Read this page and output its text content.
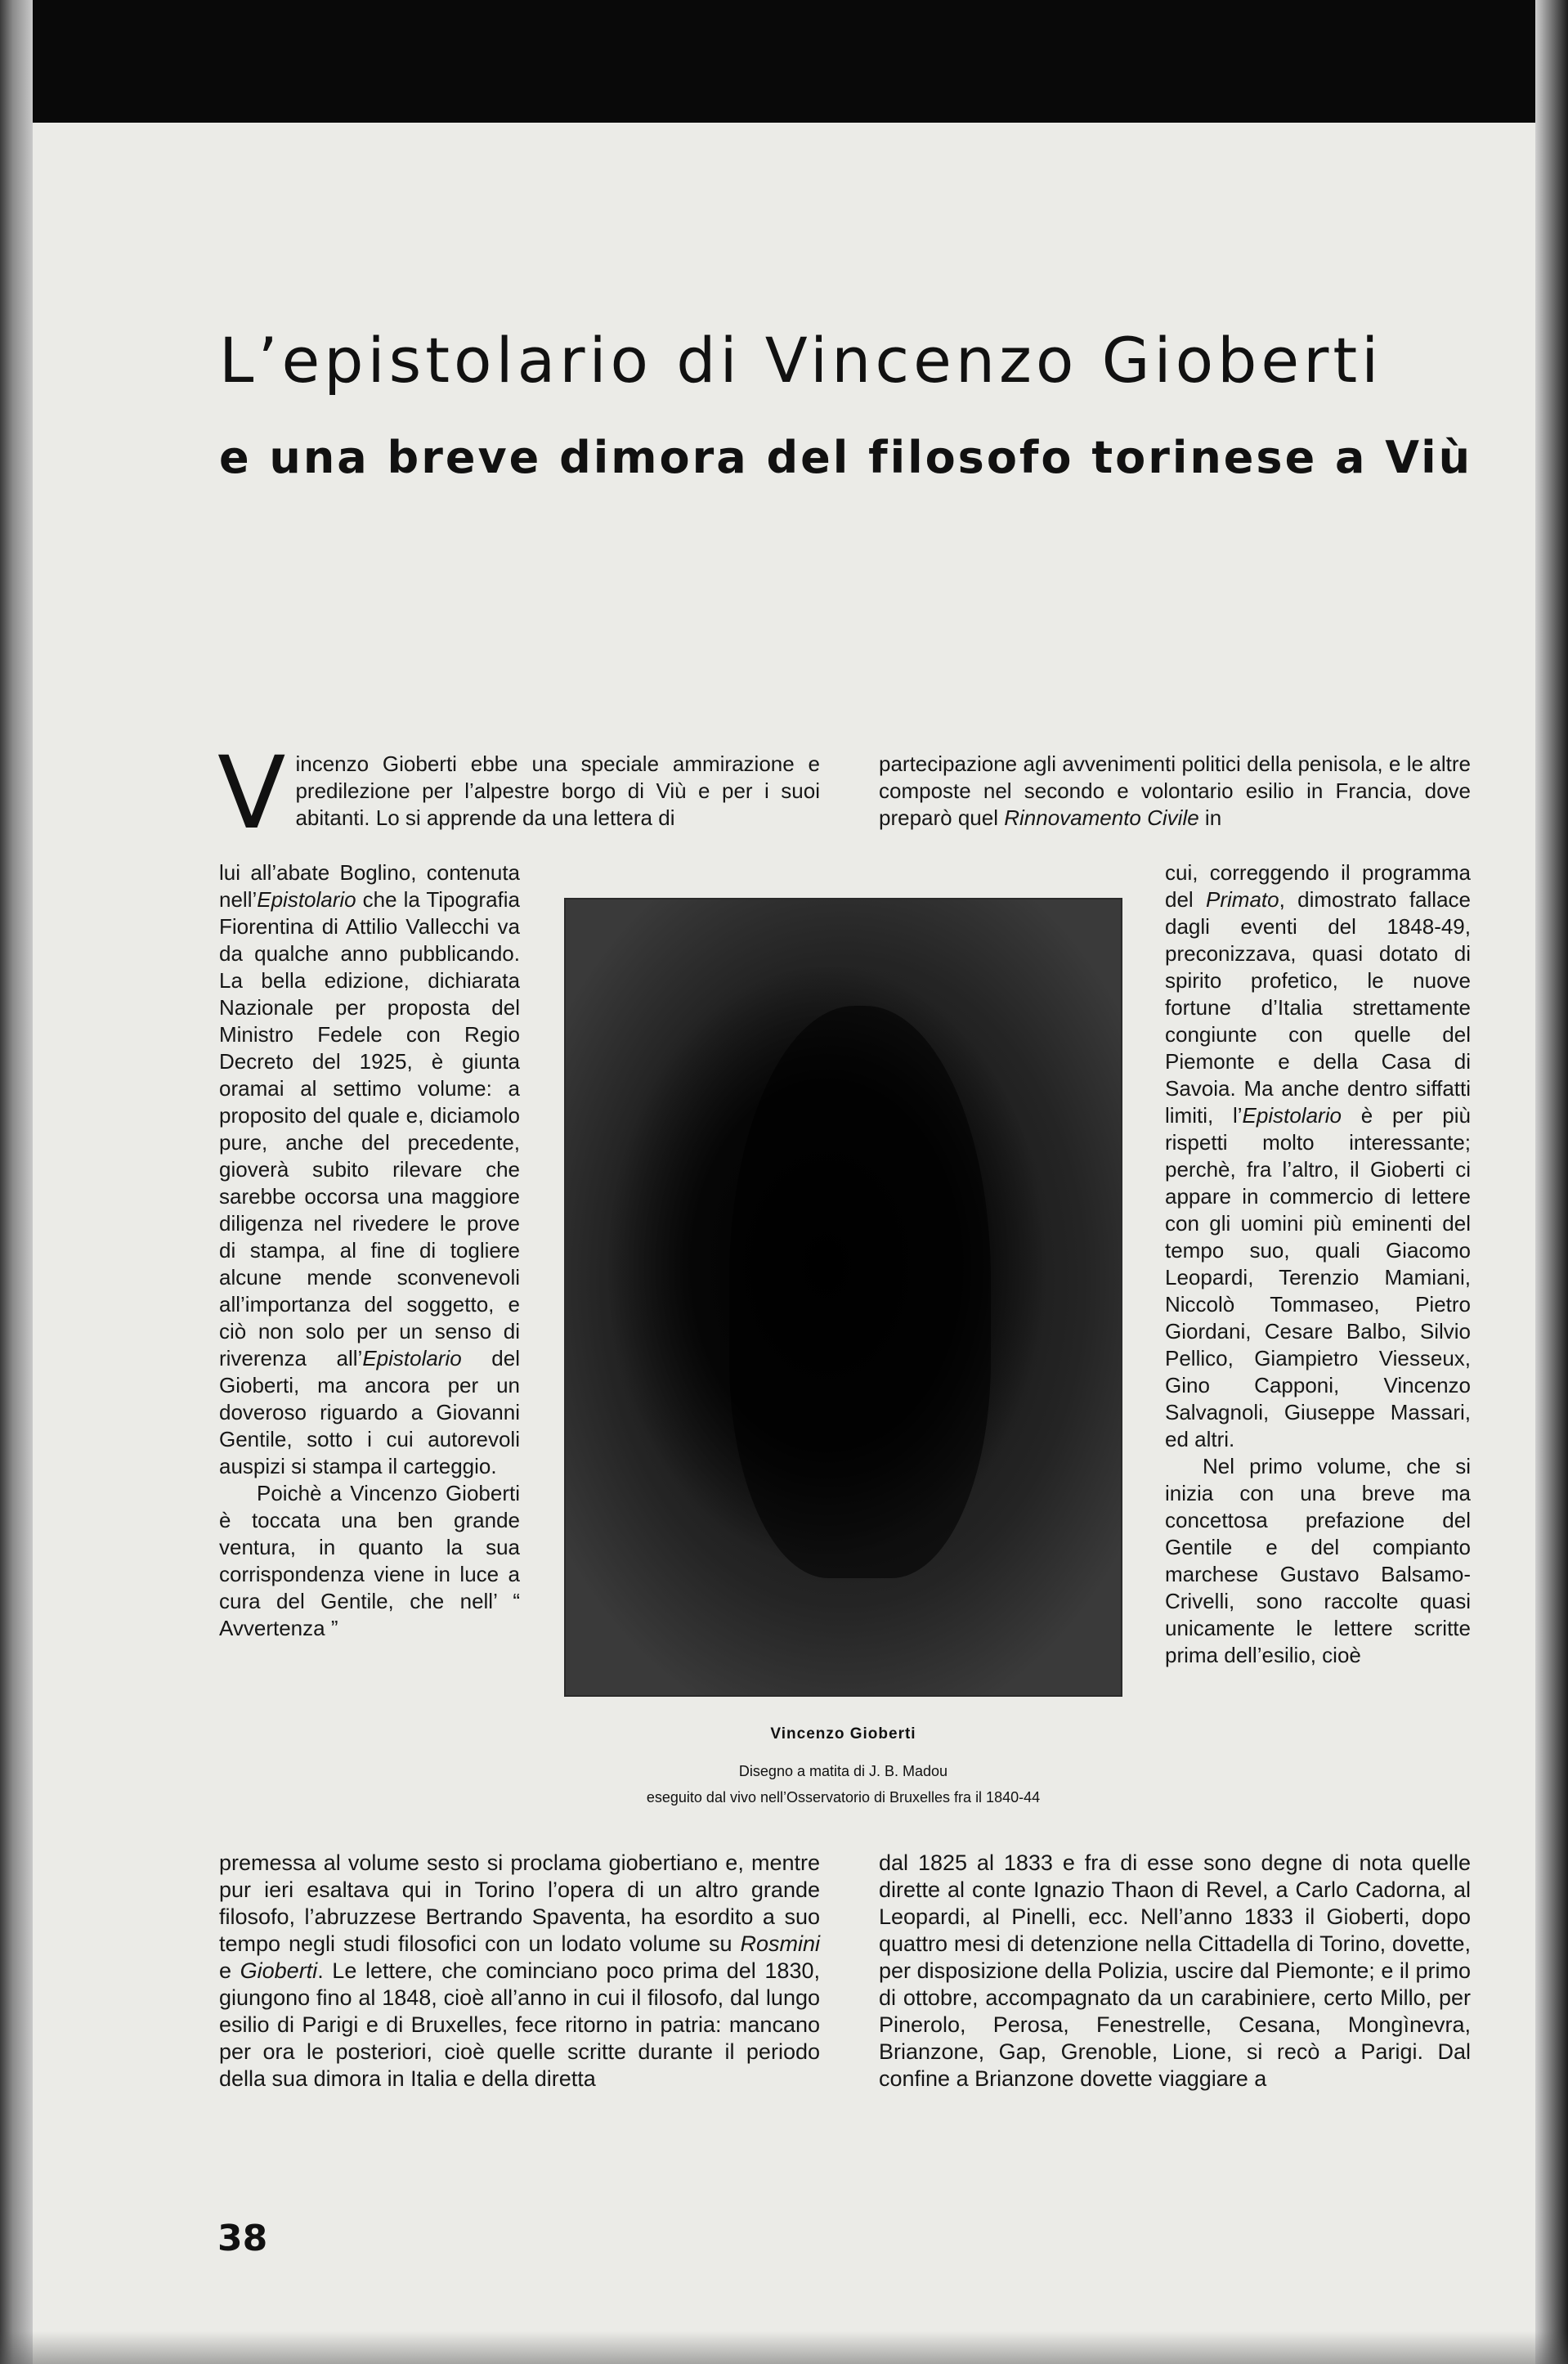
L’epistolario di Vincenzo Gioberti
e una breve dimora del filosofo torinese a Viù

Vincenzo Gioberti ebbe una speciale ammirazione e predilezione per l’alpestre borgo di Viù e per i suoi abitanti. Lo si apprende da una lettera di

lui all’abate Boglino, contenuta nell’Epistolario che la Tipografia Fiorentina di Attilio Vallecchi va da qualche anno pubblicando. La bella edizione, dichiarata Nazionale per proposta del Ministro Fedele con Regio Decreto del 1925, è giunta oramai al settimo volume: a proposito del quale e, diciamolo pure, anche del precedente, gioverà subito rilevare che sarebbe occorsa una maggiore diligenza nel rivedere le prove di stampa, al fine di togliere alcune mende sconvenevoli all’importanza del soggetto, e ciò non solo per un senso di riverenza all’Epistolario del Gioberti, ma ancora per un doveroso riguardo a Giovanni Gentile, sotto i cui autorevoli auspizi si stampa il carteggio.

Poichè a Vincenzo Gioberti è toccata una ben grande ventura, in quanto la sua corrispondenza viene in luce a cura del Gentile, che nell’ “ Avvertenza ”

partecipazione agli avvenimenti politici della penisola, e le altre composte nel secondo e volontario esilio in Francia, dove preparò quel Rinnovamento Civile in

cui, correggendo il programma del Primato, dimostrato fallace dagli eventi del 1848-49, preconizzava, quasi dotato di spirito profetico, le nuove fortune d’Italia strettamente congiunte con quelle del Piemonte e della Casa di Savoia. Ma anche dentro siffatti limiti, l’Epistolario è per più rispetti molto interessante; perchè, fra l’altro, il Gioberti ci appare in commercio di lettere con gli uomini più eminenti del tempo suo, quali Giacomo Leopardi, Terenzio Mamiani, Niccolò Tommaseo, Pietro Giordani, Cesare Balbo, Silvio Pellico, Giampietro Viesseux, Gino Capponi, Vincenzo Salvagnoli, Giuseppe Massari, ed altri.

Nel primo volume, che si inizia con una breve ma concettosa prefazione del Gentile e del compianto marchese Gustavo Balsamo-Crivelli, sono raccolte quasi unicamente le lettere scritte prima dell’esilio, cioè

Vincenzo Gioberti
Disegno a matita di J. B. Madou
eseguito dal vivo nell’Osservatorio di Bruxelles fra il 1840-44

premessa al volume sesto si proclama giobertiano e, mentre pur ieri esaltava qui in Torino l’opera di un altro grande filosofo, l’abruzzese Bertrando Spaventa, ha esordito a suo tempo negli studi filosofici con un lodato volume su Rosmini e Gioberti. Le lettere, che cominciano poco prima del 1830, giungono fino al 1848, cioè all’anno in cui il filosofo, dal lungo esilio di Parigi e di Bruxelles, fece ritorno in patria: mancano per ora le posteriori, cioè quelle scritte durante il periodo della sua dimora in Italia e della diretta

dal 1825 al 1833 e fra di esse sono degne di nota quelle dirette al conte Ignazio Thaon di Revel, a Carlo Cadorna, al Leopardi, al Pinelli, ecc. Nell’anno 1833 il Gioberti, dopo quattro mesi di detenzione nella Cittadella di Torino, dovette, per disposizione della Polizia, uscire dal Piemonte; e il primo di ottobre, accompagnato da un carabiniere, certo Millo, per Pinerolo, Perosa, Fenestrelle, Cesana, Mongìnevra, Brianzone, Gap, Grenoble, Lione, si recò a Parigi. Dal confine a Brianzone dovette viaggiare a

38
